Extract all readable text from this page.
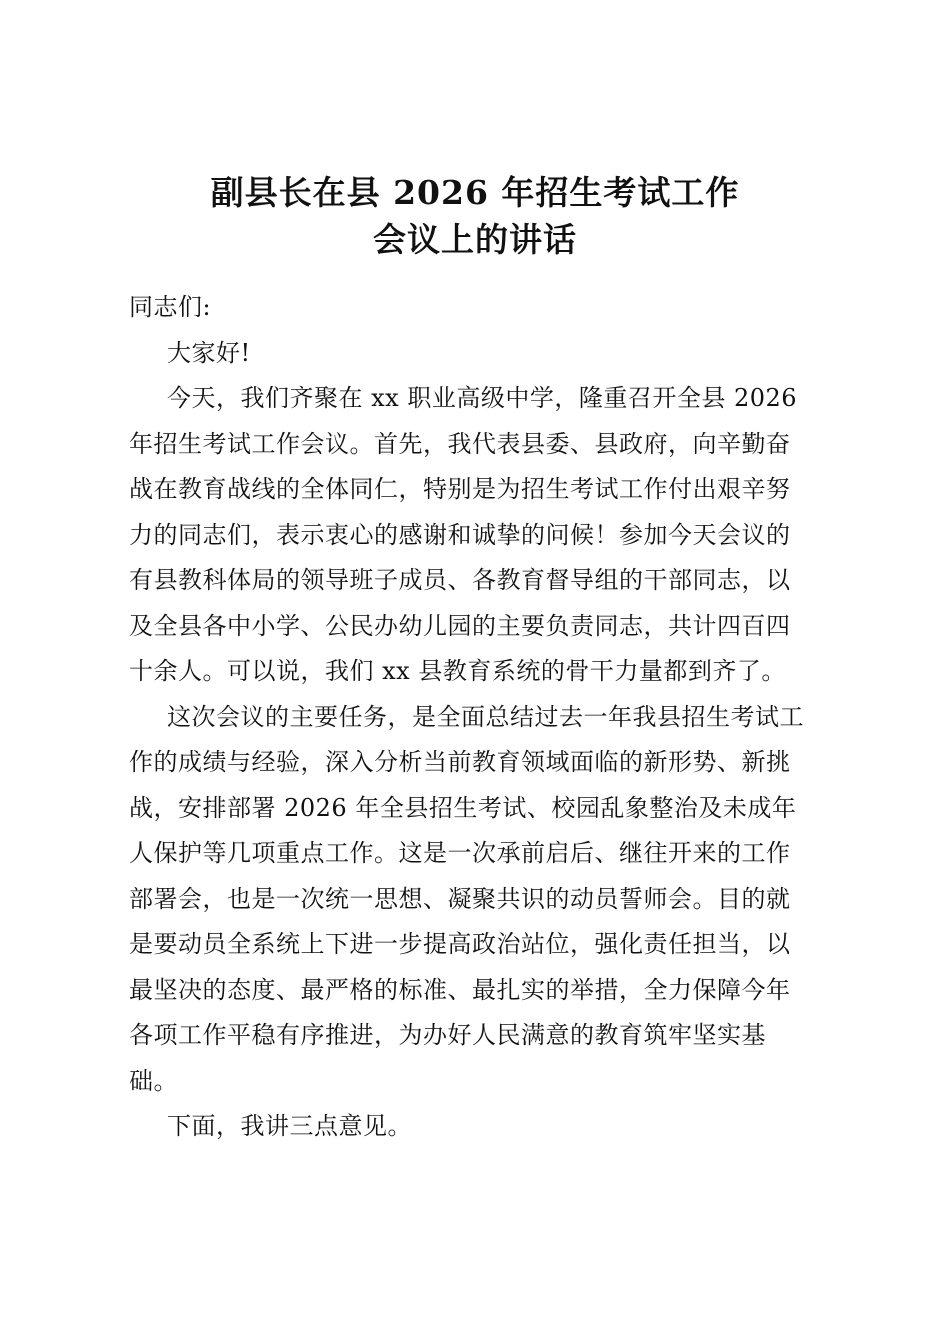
副县长在县 2026 年招生考试工作
会议上的讲话
同志们:
大家好!
今天，我们齐聚在 xx 职业高级中学，隆重召开全县 2026
年招生考试工作会议。首先，我代表县委、县政府，向辛勤奋
战在教育战线的全体同仁，特别是为招生考试工作付出艰辛努
力的同志们，表示衷心的感谢和诚挚的问候！参加今天会议的
有县教科体局的领导班子成员、各教育督导组的干部同志，以
及全县各中小学、公民办幼儿园的主要负责同志，共计四百四
十余人。可以说，我们 xx 县教育系统的骨干力量都到齐了。
这次会议的主要任务，是全面总结过去一年我县招生考试工
作的成绩与经验，深入分析当前教育领域面临的新形势、新挑
战，安排部署 2026 年全县招生考试、校园乱象整治及未成年
人保护等几项重点工作。这是一次承前启后、继往开来的工作
部署会，也是一次统一思想、凝聚共识的动员誓师会。目的就
是要动员全系统上下进一步提高政治站位，强化责任担当，以
最坚决的态度、最严格的标准、最扎实的举措，全力保障今年
各项工作平稳有序推进，为办好人民满意的教育筑牢坚实基
础。
下面，我讲三点意见。
